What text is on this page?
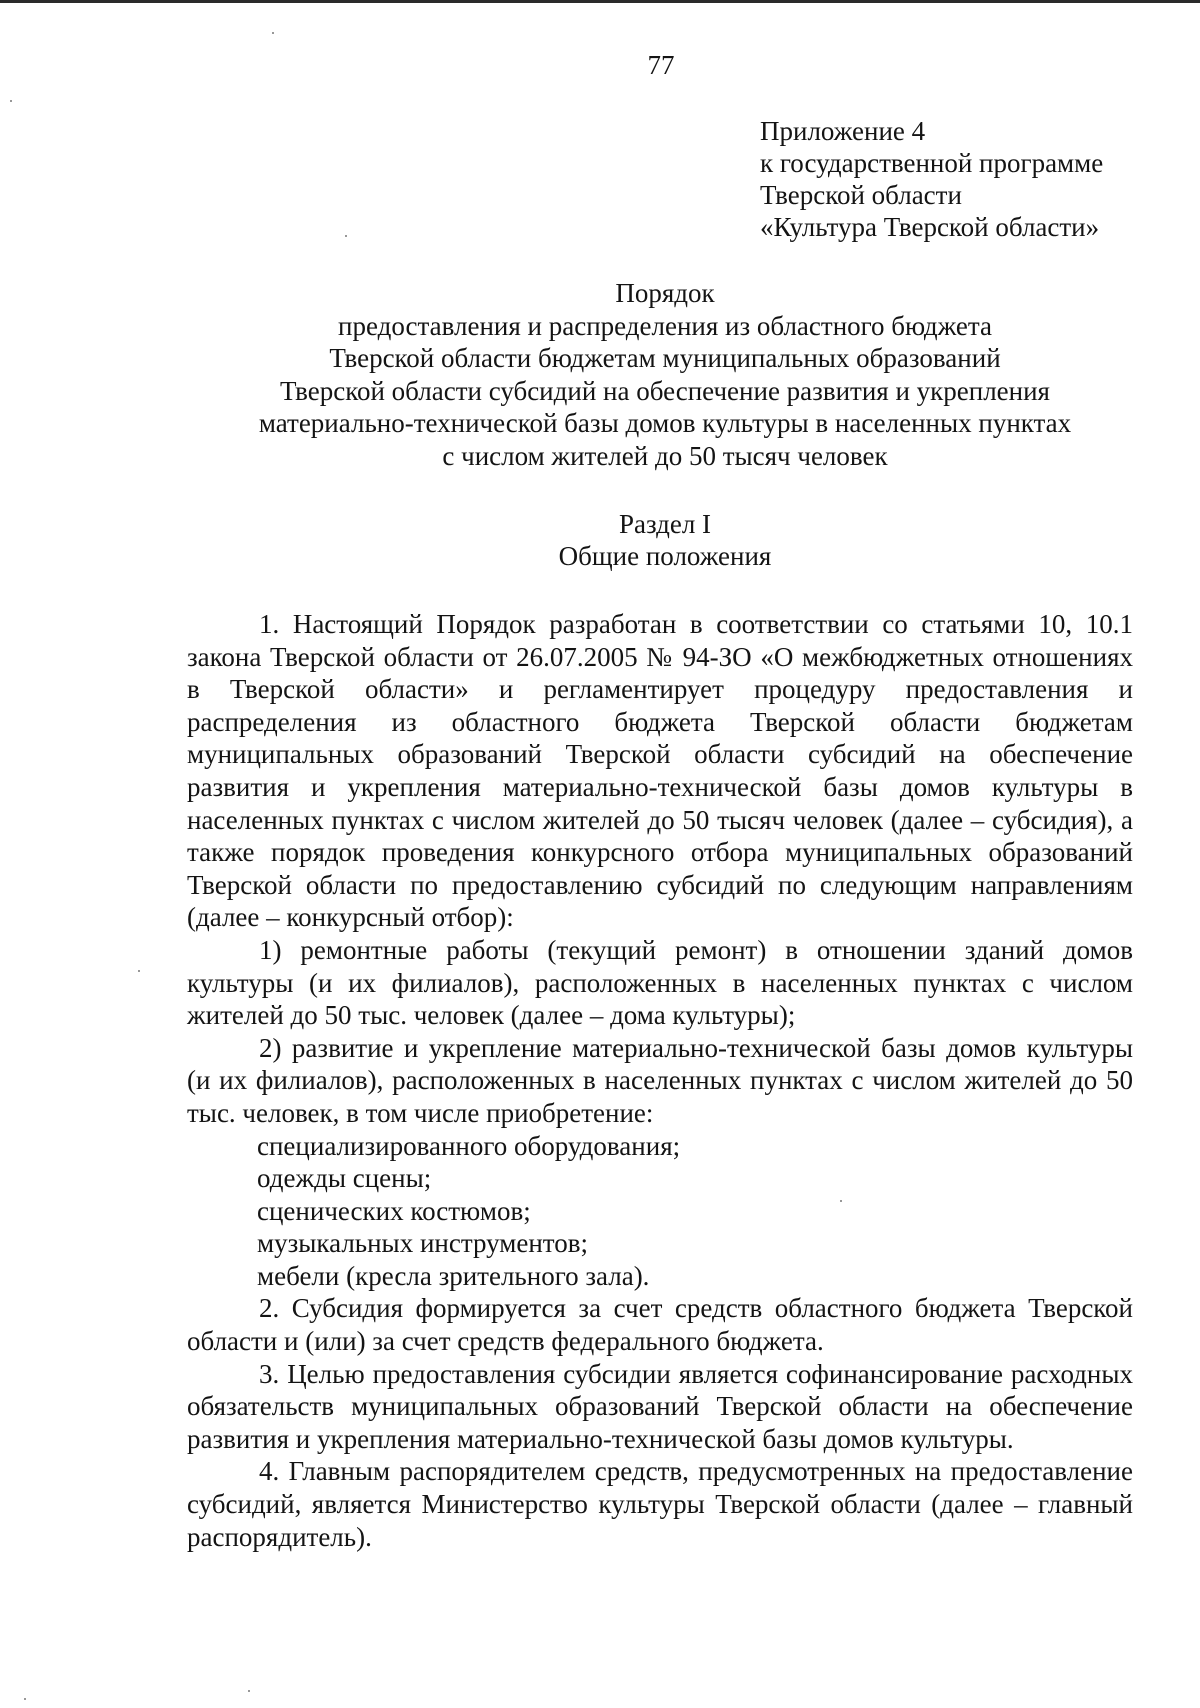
77
Приложение 4
к государственной программе
Тверской области
«Культура Тверской области»
Порядок
предоставления и распределения из областного бюджета
Тверской области бюджетам муниципальных образований
Тверской области субсидий на обеспечение развития и укрепления
материально-технической базы домов культуры в населенных пунктах
с числом жителей до 50 тысяч человек
Раздел I
Общие положения

1. Настоящий Порядок разработан в соответствии со статьями 10, 10.1 закона Тверской области от 26.07.2005 № 94-ЗО «О межбюджетных отношениях в Тверской области» и регламентирует процедуру предоставления и распределения из областного бюджета Тверской области бюджетам муниципальных образований Тверской области субсидий на обеспечение развития и укрепления материально-технической базы домов культуры в населенных пунктах с числом жителей до 50 тысяч человек (далее – субсидия), а также порядок проведения конкурсного отбора муниципальных образований Тверской области по предоставлению субсидий по следующим направлениям (далее – конкурсный отбор):

1) ремонтные работы (текущий ремонт) в отношении зданий домов культуры (и их филиалов), расположенных в населенных пунктах с числом жителей до 50 тыс. человек (далее – дома культуры);

2) развитие и укрепление материально-технической базы домов культуры (и их филиалов), расположенных в населенных пунктах с числом жителей до 50 тыс. человек, в том числе приобретение:

специализированного оборудования;

одежды сцены;

сценических костюмов;

музыкальных инструментов;

мебели (кресла зрительного зала).

2. Субсидия формируется за счет средств областного бюджета Тверской области и (или) за счет средств федерального бюджета.

3. Целью предоставления субсидии является софинансирование расходных обязательств муниципальных образований Тверской области на обеспечение развития и укрепления материально-технической базы домов культуры.

4. Главным распорядителем средств, предусмотренных на предоставление субсидий, является Министерство культуры Тверской области (далее – главный распорядитель).
